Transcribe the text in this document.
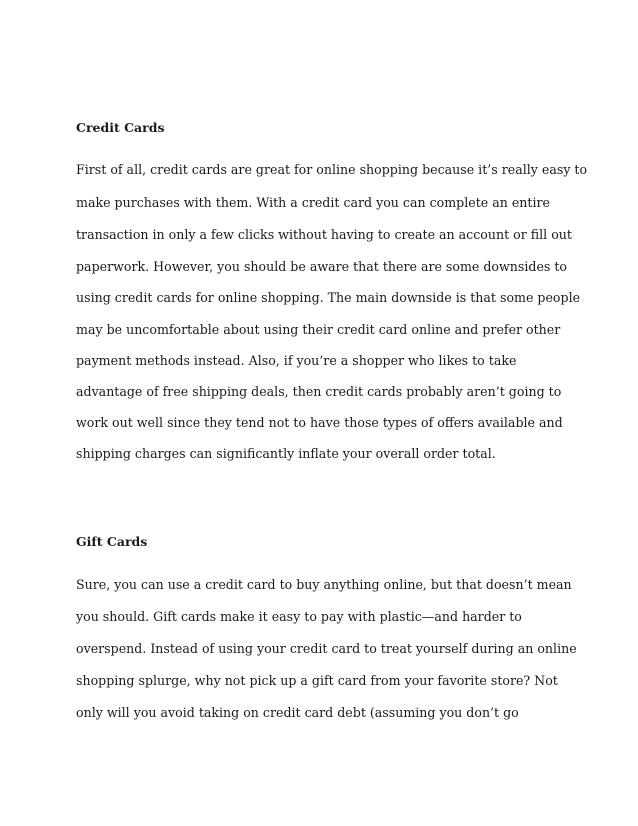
Credit Cards
First of all, credit cards are great for online shopping because it’s really easy to
make purchases with them. With a credit card you can complete an entire
transaction in only a few clicks without having to create an account or fill out
paperwork. However, you should be aware that there are some downsides to
using credit cards for online shopping. The main downside is that some people
may be uncomfortable about using their credit card online and prefer other
payment methods instead. Also, if you’re a shopper who likes to take
advantage of free shipping deals, then credit cards probably aren’t going to
work out well since they tend not to have those types of offers available and
shipping charges can significantly inflate your overall order total.
Gift Cards
Sure, you can use a credit card to buy anything online, but that doesn’t mean
you should. Gift cards make it easy to pay with plastic—and harder to
overspend. Instead of using your credit card to treat yourself during an online
shopping splurge, why not pick up a gift card from your favorite store? Not
only will you avoid taking on credit card debt (assuming you don’t go
